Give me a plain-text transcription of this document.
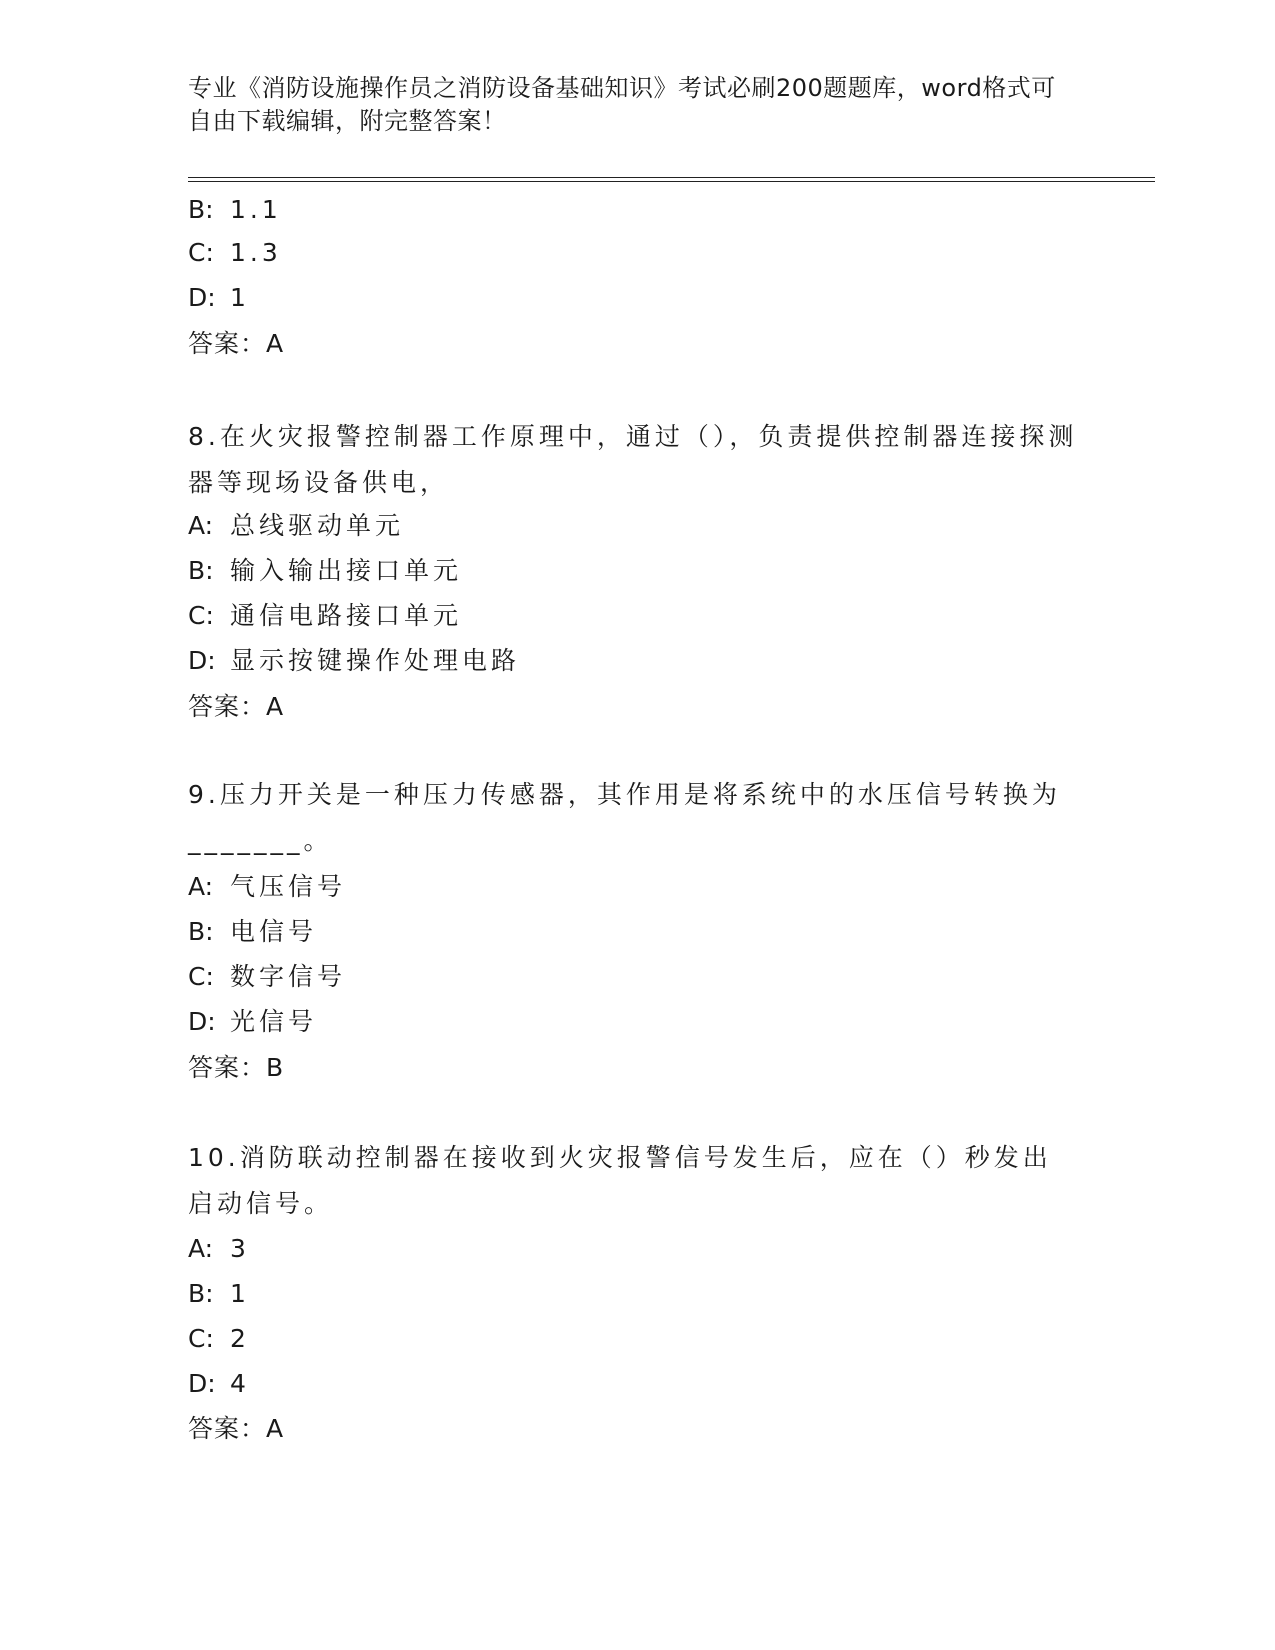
专业《消防设施操作员之消防设备基础知识》考试必刷200题题库，word格式可自由下载编辑，附完整答案！
B: 1.1
C: 1.3
D: 1
答案：A
8.在火灾报警控制器工作原理中，通过（），负责提供控制器连接探测器等现场设备供电，
A: 总线驱动单元
B: 输入输出接口单元
C: 通信电路接口单元
D: 显示按键操作处理电路
答案：A
9.压力开关是一种压力传感器，其作用是将系统中的水压信号转换为
_______。
A: 气压信号
B: 电信号
C: 数字信号
D: 光信号
答案：B
10.消防联动控制器在接收到火灾报警信号发生后，应在（）秒发出启动信号。
A: 3
B: 1
C: 2
D: 4
答案：A
